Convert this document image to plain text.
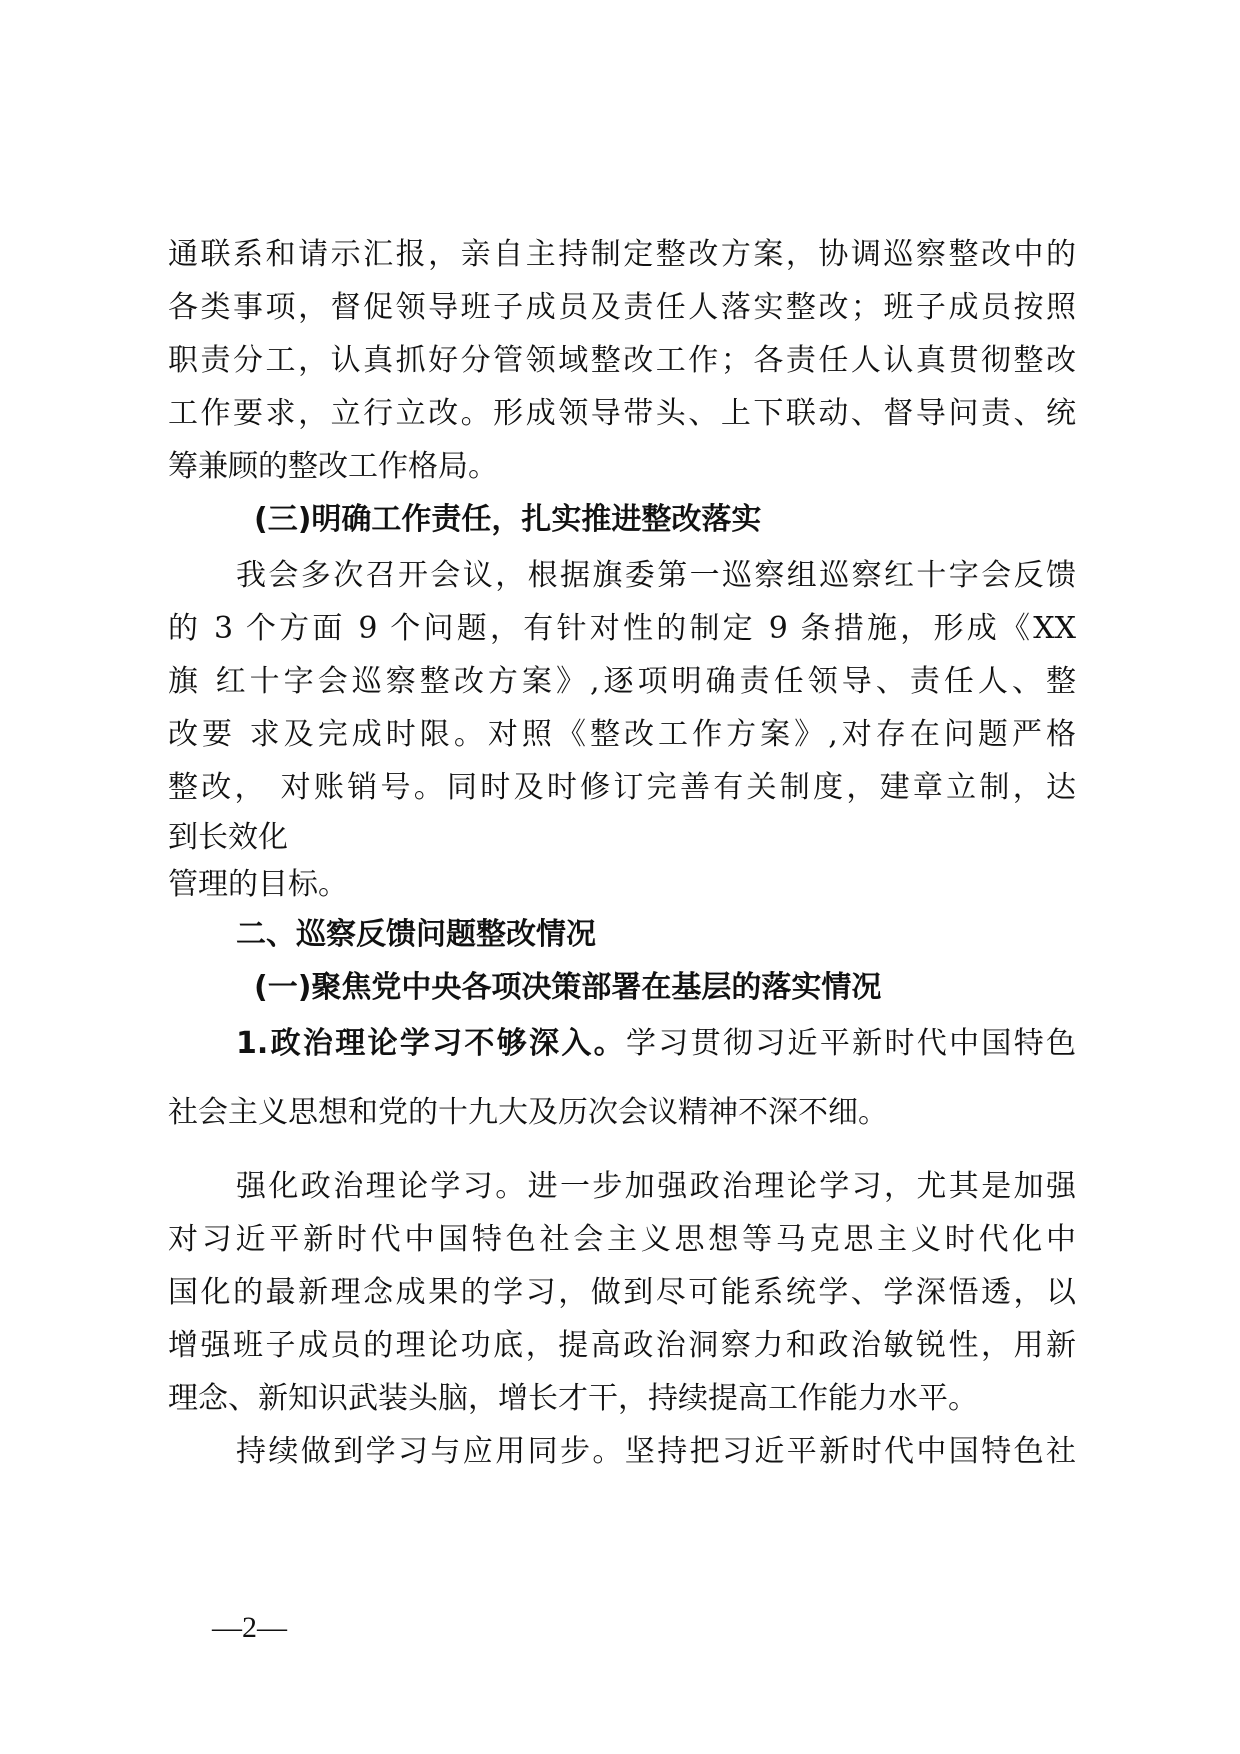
通联系和请示汇报，亲自主持制定整改方案，协调巡察整改中的
各类事项，督促领导班子成员及责任人落实整改；班子成员按照
职责分工，认真抓好分管领域整改工作；各责任人认真贯彻整改
工作要求，立行立改。形成领导带头、上下联动、督导问责、统
筹兼顾的整改工作格局。
(三)明确工作责任，扎实推进整改落实
我会多次召开会议，根据旗委第一巡察组巡察红十字会反馈
的 3 个方面 9 个问题，有针对性的制定 9 条措施，形成《XX
旗 红十字会巡察整改方案》,逐项明确责任领导、责任人、整
改要 求及完成时限。对照《整改工作方案》,对存在问题严格
整改， 对账销号。同时及时修订完善有关制度，建章立制，达
到长效化
管理的目标。
二、巡察反馈问题整改情况
(一)聚焦党中央各项决策部署在基层的落实情况
1.政治理论学习不够深入。学习贯彻习近平新时代中国特色
社会主义思想和党的十九大及历次会议精神不深不细。
强化政治理论学习。进一步加强政治理论学习，尤其是加强
对习近平新时代中国特色社会主义思想等马克思主义时代化中
国化的最新理念成果的学习，做到尽可能系统学、学深悟透，以
增强班子成员的理论功底，提高政治洞察力和政治敏锐性，用新
理念、新知识武装头脑，增长才干，持续提高工作能力水平。
持续做到学习与应用同步。坚持把习近平新时代中国特色社
—2—
